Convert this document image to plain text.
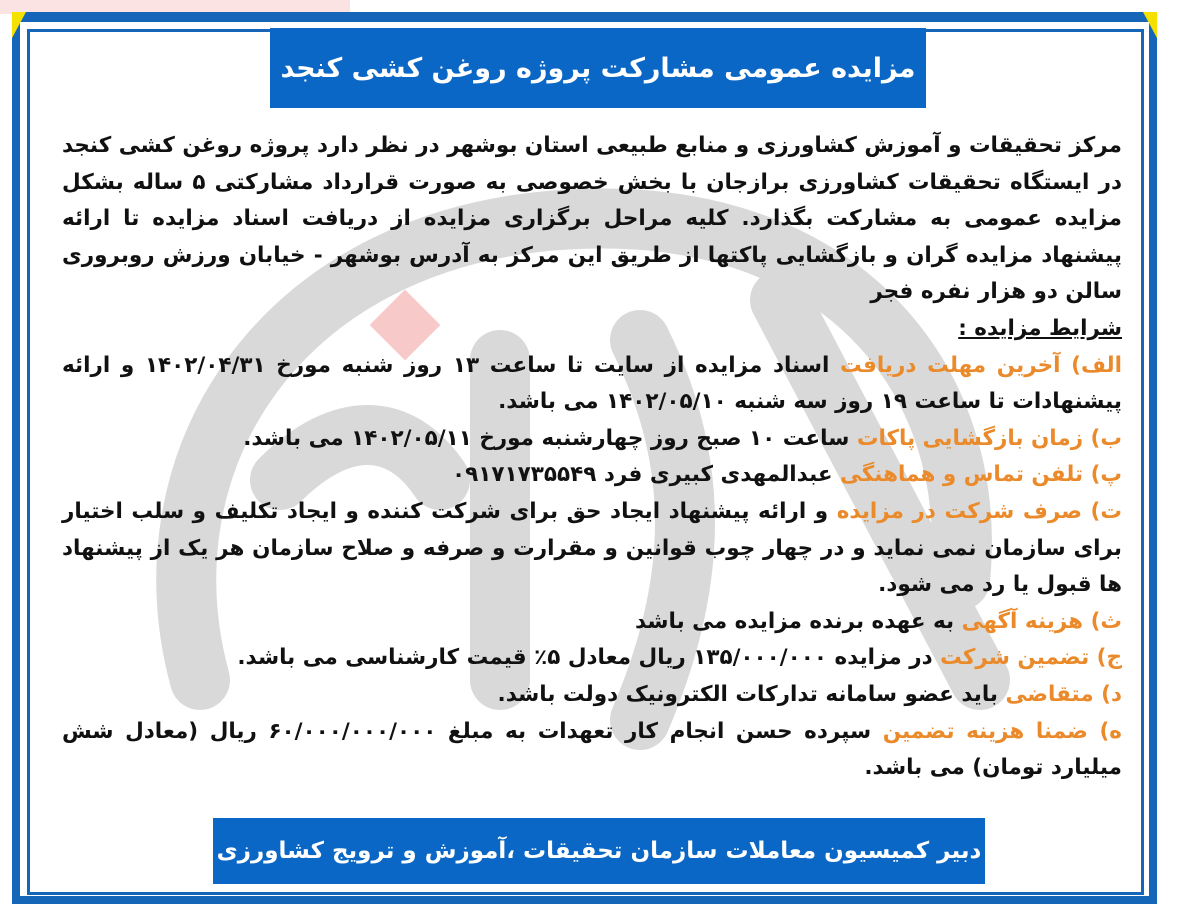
مزایده عمومی مشارکت پروژه روغن کشی کنجد

مرکز تحقیقات و آموزش کشاورزی و منابع طبیعی استان بوشهر در نظر دارد پروژه روغن کشی کنجد در ایستگاه تحقیقات کشاورزی برازجان با بخش خصوصی به صورت قرارداد مشارکتی ۵ ساله بشکل مزایده عمومی به مشارکت بگذارد. کلیه مراحل برگزاری مزایده از دریافت اسناد مزایده تا ارائه پیشنهاد مزایده گران و بازگشایی پاکتها از طریق این مرکز به آدرس بوشهر - خیابان ورزش روبروری سالن دو هزار نفره فجر

شرایط مزایده :

الف) آخرین مهلت دریافت اسناد مزایده از سایت تا ساعت ۱۳ روز شنبه مورخ ۱۴۰۲/۰۴/۳۱ و ارائه پیشنهادات تا ساعت ۱۹ روز سه شنبه ۱۴۰۲/۰۵/۱۰ می باشد.

ب) زمان بازگشایی پاکات ساعت ۱۰ صبح روز چهارشنبه مورخ ۱۴۰۲/۰۵/۱۱ می باشد.

پ) تلفن تماس و هماهنگی عبدالمهدی کبیری فرد ۰۹۱۷۱۷۳۵۵۴۹

ت) صرف شرکت در مزایده و ارائه پیشنهاد ایجاد حق برای شرکت کننده و ایجاد تکلیف و سلب اختیار برای سازمان نمی نماید و در چهار چوب قوانین و مقرارت و صرفه و صلاح سازمان هر یک از پیشنهاد ها قبول یا رد می شود.

ث) هزینه آگهی به عهده برنده مزایده می باشد

ج) تضمین شرکت در مزایده ۱۳۵/۰۰۰/۰۰۰ ریال معادل ۵٪ قیمت کارشناسی می باشد.

د) متقاضی باید عضو سامانه تدارکات الکترونیک دولت باشد.

ه) ضمنا هزینه تضمین سپرده حسن انجام کار تعهدات به مبلغ ۶۰/۰۰۰/۰۰۰/۰۰۰ ریال (معادل شش میلیارد تومان) می باشد.

دبیر کمیسیون معاملات سازمان تحقیقات ،آموزش و ترویج کشاورزی
